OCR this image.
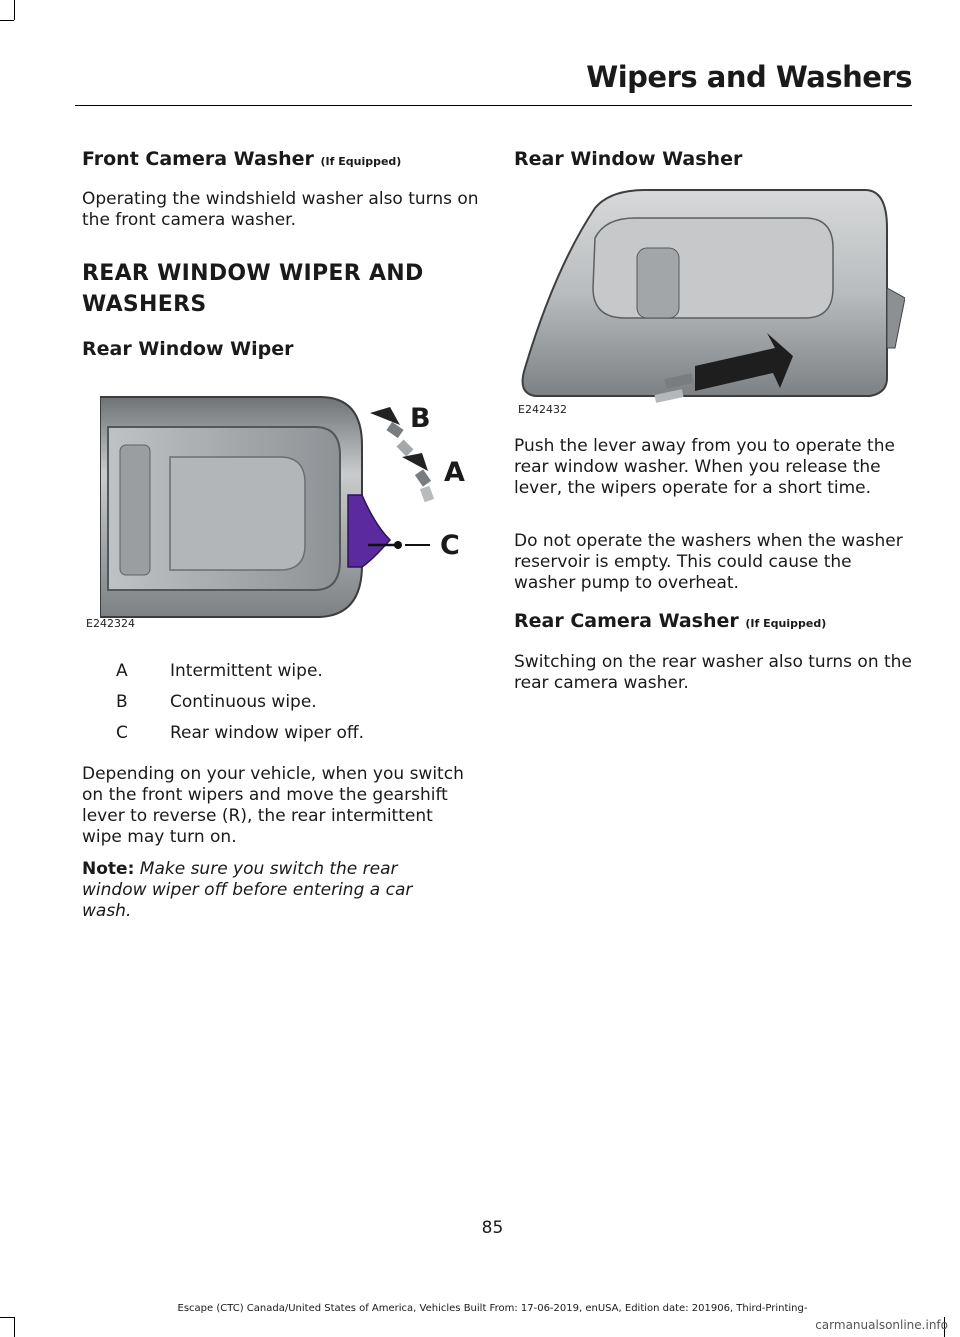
Wipers and Washers
Front Camera Washer (If Equipped)

Operating the windshield washer also turns on the front camera washer.

REAR WINDOW WIPER AND
WASHERS
Rear Window Wiper
B
A
C
E242324
A	Intermittent wipe.
B	Continuous wipe.
C	Rear window wiper off.

Depending on your vehicle, when you switch on the front wipers and move the gearshift lever to reverse (R), the rear intermittent wipe may turn on.

Note: Make sure you switch the rear window wiper off before entering a car wash.

Rear Window Washer
E242432

Push the lever away from you to operate the rear window washer. When you release the lever, the wipers operate for a short time.

Do not operate the washers when the washer reservoir is empty. This could cause the washer pump to overheat.

Rear Camera Washer (If Equipped)

Switching on the rear washer also turns on the rear camera washer.

85
Escape (CTC) Canada/United States of America, Vehicles Built From: 17-06-2019, enUSA, Edition date: 201906, Third-Printing-
carmanualsonline.info
